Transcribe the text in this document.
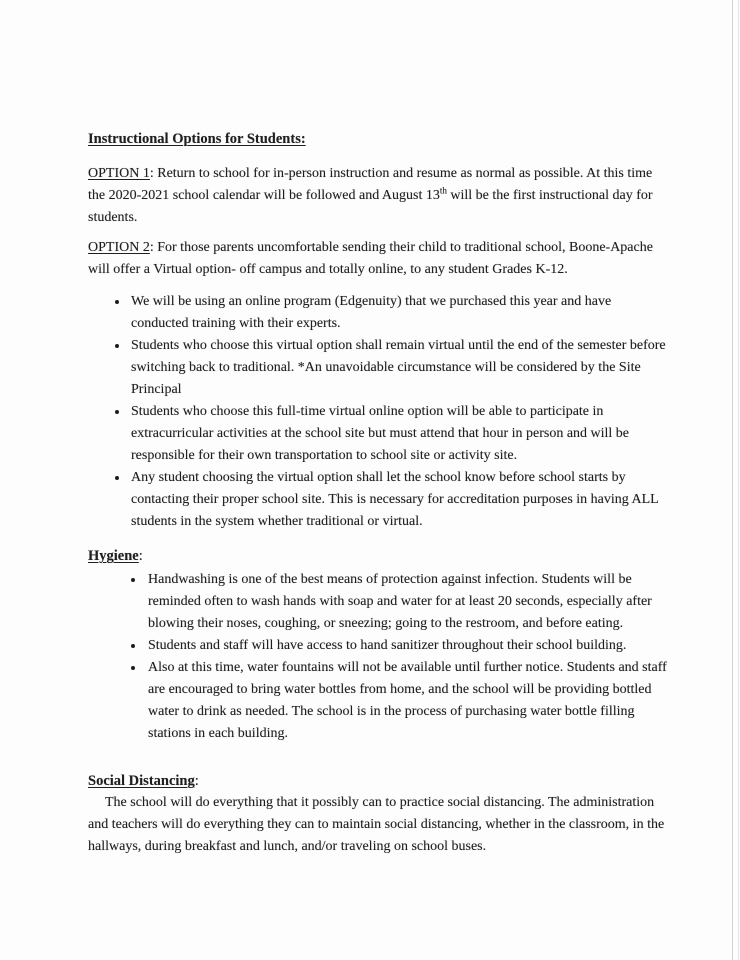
Instructional Options for Students:

OPTION 1: Return to school for in-person instruction and resume as normal as possible. At this time the 2020-2021 school calendar will be followed and August 13th will be the first instructional day for students.

OPTION 2: For those parents uncomfortable sending their child to traditional school, Boone-Apache will offer a Virtual option- off campus and totally online, to any student Grades K-12.

We will be using an online program (Edgenuity) that we purchased this year and have conducted training with their experts.
Students who choose this virtual option shall remain virtual until the end of the semester before switching back to traditional. *An unavoidable circumstance will be considered by the Site Principal
Students who choose this full-time virtual online option will be able to participate in extracurricular activities at the school site but must attend that hour in person and will be responsible for their own transportation to school site or activity site.
Any student choosing the virtual option shall let the school know before school starts by contacting their proper school site. This is necessary for accreditation purposes in having ALL students in the system whether traditional or virtual.
Hygiene:
Handwashing is one of the best means of protection against infection. Students will be reminded often to wash hands with soap and water for at least 20 seconds, especially after blowing their noses, coughing, or sneezing; going to the restroom, and before eating.
Students and staff will have access to hand sanitizer throughout their school building.
Also at this time, water fountains will not be available until further notice. Students and staff are encouraged to bring water bottles from home, and the school will be providing bottled water to drink as needed. The school is in the process of purchasing water bottle filling stations in each building.
Social Distancing:

The school will do everything that it possibly can to practice social distancing. The administration and teachers will do everything they can to maintain social distancing, whether in the classroom, in the hallways, during breakfast and lunch, and/or traveling on school buses.
